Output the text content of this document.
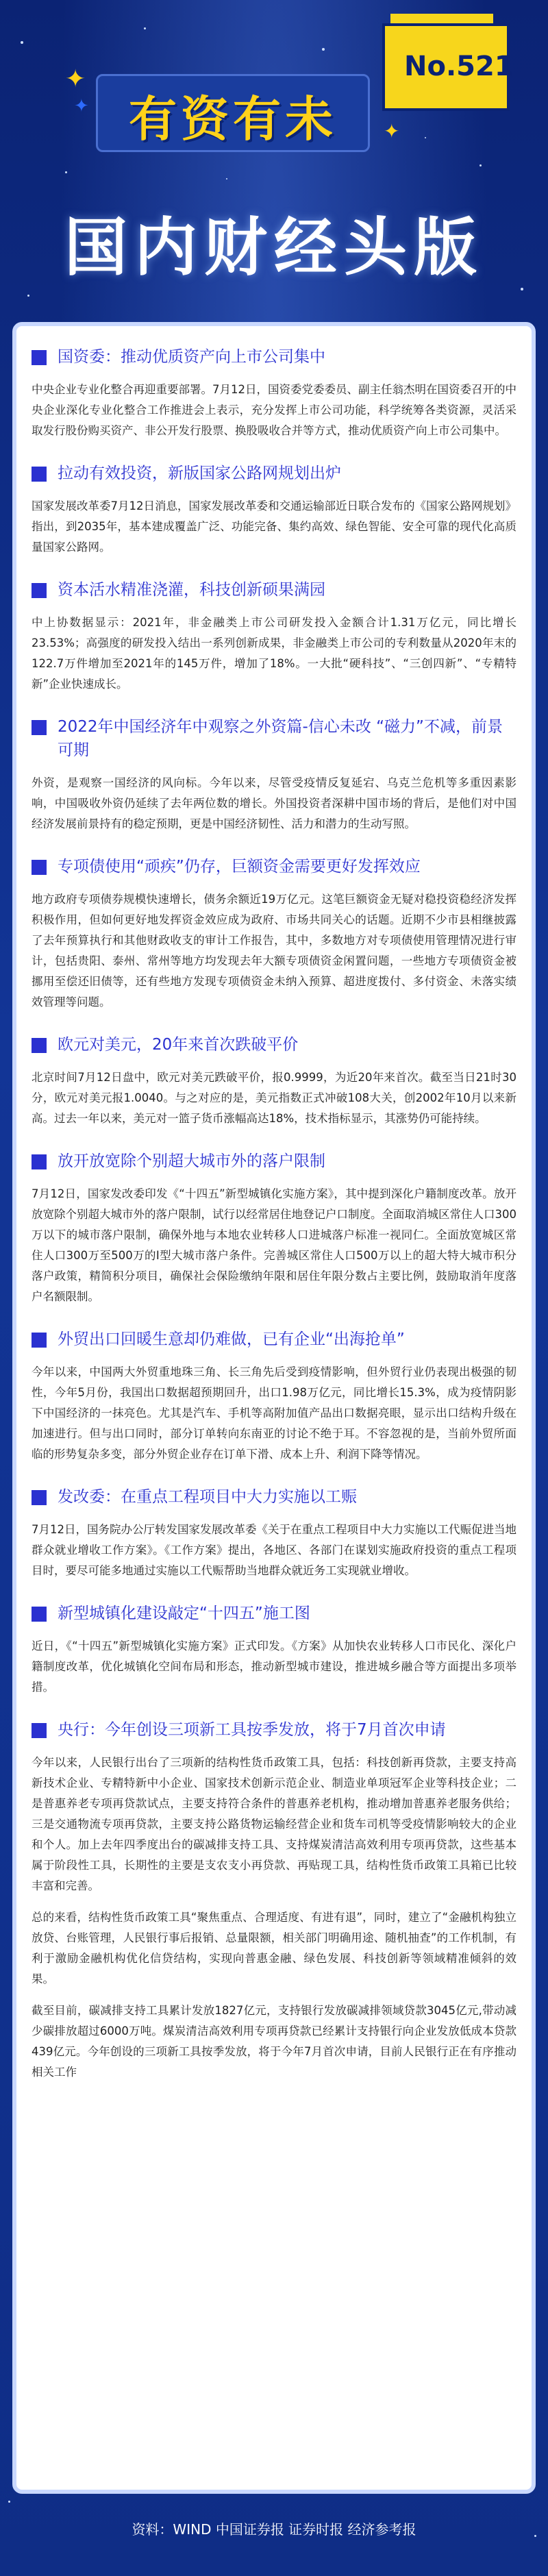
No.521
有资有未
✦
✦
✦
国内财经头版
国资委：推动优质资产向上市公司集中

中央企业专业化整合再迎重要部署。7月12日，国资委党委委员、副主任翁杰明在国资委召开的中央企业深化专业化整合工作推进会上表示，充分发挥上市公司功能，科学统筹各类资源，灵活采取发行股份购买资产、非公开发行股票、换股吸收合并等方式，推动优质资产向上市公司集中。

拉动有效投资，新版国家公路网规划出炉

国家发展改革委7月12日消息，国家发展改革委和交通运输部近日联合发布的《国家公路网规划》指出，到2035年，基本建成覆盖广泛、功能完备、集约高效、绿色智能、安全可靠的现代化高质量国家公路网。

资本活水精准浇灌，科技创新硕果满园

中上协数据显示：2021年，非金融类上市公司研发投入金额合计1.31万亿元，同比增长23.53%；高强度的研发投入结出一系列创新成果，非金融类上市公司的专利数量从2020年末的122.7万件增加至2021年的145万件，增加了18%。一大批“硬科技”、“三创四新”、“专精特新”企业快速成长。

2022年中国经济年中观察之外资篇-信心未改 “磁力”不减，前景可期

外资，是观察一国经济的风向标。今年以来，尽管受疫情反复延宕、乌克兰危机等多重因素影响，中国吸收外资仍延续了去年两位数的增长。外国投资者深耕中国市场的背后，是他们对中国经济发展前景持有的稳定预期，更是中国经济韧性、活力和潜力的生动写照。

专项债使用“顽疾”仍存，巨额资金需要更好发挥效应

地方政府专项债券规模快速增长，债务余额近19万亿元。这笔巨额资金无疑对稳投资稳经济发挥积极作用，但如何更好地发挥资金效应成为政府、市场共同关心的话题。近期不少市县相继披露了去年预算执行和其他财政收支的审计工作报告，其中，多数地方对专项债使用管理情况进行审计，包括贵阳、泰州、常州等地方均发现去年大额专项债资金闲置问题，一些地方专项债资金被挪用至偿还旧债等，还有些地方发现专项债资金未纳入预算、超进度拨付、多付资金、未落实绩效管理等问题。

欧元对美元，20年来首次跌破平价

北京时间7月12日盘中，欧元对美元跌破平价，报0.9999，为近20年来首次。截至当日21时30分，欧元对美元报1.0040。与之对应的是，美元指数正式冲破108大关，创2002年10月以来新高。过去一年以来，美元对一篮子货币涨幅高达18%，技术指标显示，其涨势仍可能持续。

放开放宽除个别超大城市外的落户限制

7月12日，国家发改委印发《“十四五”新型城镇化实施方案》，其中提到深化户籍制度改革。放开放宽除个别超大城市外的落户限制，试行以经常居住地登记户口制度。全面取消城区常住人口300万以下的城市落户限制，确保外地与本地农业转移人口进城落户标准一视同仁。全面放宽城区常住人口300万至500万的I型大城市落户条件。完善城区常住人口500万以上的超大特大城市积分落户政策，精简积分项目，确保社会保险缴纳年限和居住年限分数占主要比例，鼓励取消年度落户名额限制。

外贸出口回暖生意却仍难做，已有企业“出海抢单”

今年以来，中国两大外贸重地珠三角、长三角先后受到疫情影响，但外贸行业仍表现出极强的韧性，今年5月份，我国出口数据超预期回升，出口1.98万亿元，同比增长15.3%，成为疫情阴影下中国经济的一抹亮色。尤其是汽车、手机等高附加值产品出口数据亮眼，显示出口结构升级在加速进行。但与出口同时，部分订单转向东南亚的讨论不绝于耳。不容忽视的是，当前外贸所面临的形势复杂多变，部分外贸企业存在订单下滑、成本上升、利润下降等情况。

发改委：在重点工程项目中大力实施以工赈

7月12日，国务院办公厅转发国家发展改革委《关于在重点工程项目中大力实施以工代赈促进当地群众就业增收工作方案》。《工作方案》提出，各地区、各部门在谋划实施政府投资的重点工程项目时，要尽可能多地通过实施以工代赈帮助当地群众就近务工实现就业增收。

新型城镇化建设敲定“十四五”施工图

近日，《“十四五”新型城镇化实施方案》正式印发。《方案》从加快农业转移人口市民化、深化户籍制度改革，优化城镇化空间布局和形态，推动新型城市建设，推进城乡融合等方面提出多项举措。

央行：今年创设三项新工具按季发放，将于7月首次申请

今年以来，人民银行出台了三项新的结构性货币政策工具，包括：科技创新再贷款，主要支持高新技术企业、专精特新中小企业、国家技术创新示范企业、制造业单项冠军企业等科技企业；二是普惠养老专项再贷款试点，主要支持符合条件的普惠养老机构，推动增加普惠养老服务供给；三是交通物流专项再贷款，主要支持公路货物运输经营企业和货车司机等受疫情影响较大的企业和个人。加上去年四季度出台的碳减排支持工具、支持煤炭清洁高效利用专项再贷款，这些基本属于阶段性工具，长期性的主要是支农支小再贷款、再贴现工具，结构性货币政策工具箱已比较丰富和完善。

总的来看，结构性货币政策工具“聚焦重点、合理适度、有进有退”，同时，建立了“金融机构独立放贷、台账管理，人民银行事后报销、总量限额，相关部门明确用途、随机抽查”的工作机制，有利于激励金融机构优化信贷结构，实现向普惠金融、绿色发展、科技创新等领域精准倾斜的效果。

截至目前，碳减排支持工具累计发放1827亿元，支持银行发放碳减排领域贷款3045亿元,带动减少碳排放超过6000万吨。煤炭清洁高效利用专项再贷款已经累计支持银行向企业发放低成本贷款439亿元。今年创设的三项新工具按季发放，将于今年7月首次申请，目前人民银行正在有序推动相关工作

资料：WIND 中国证券报 证券时报 经济参考报
